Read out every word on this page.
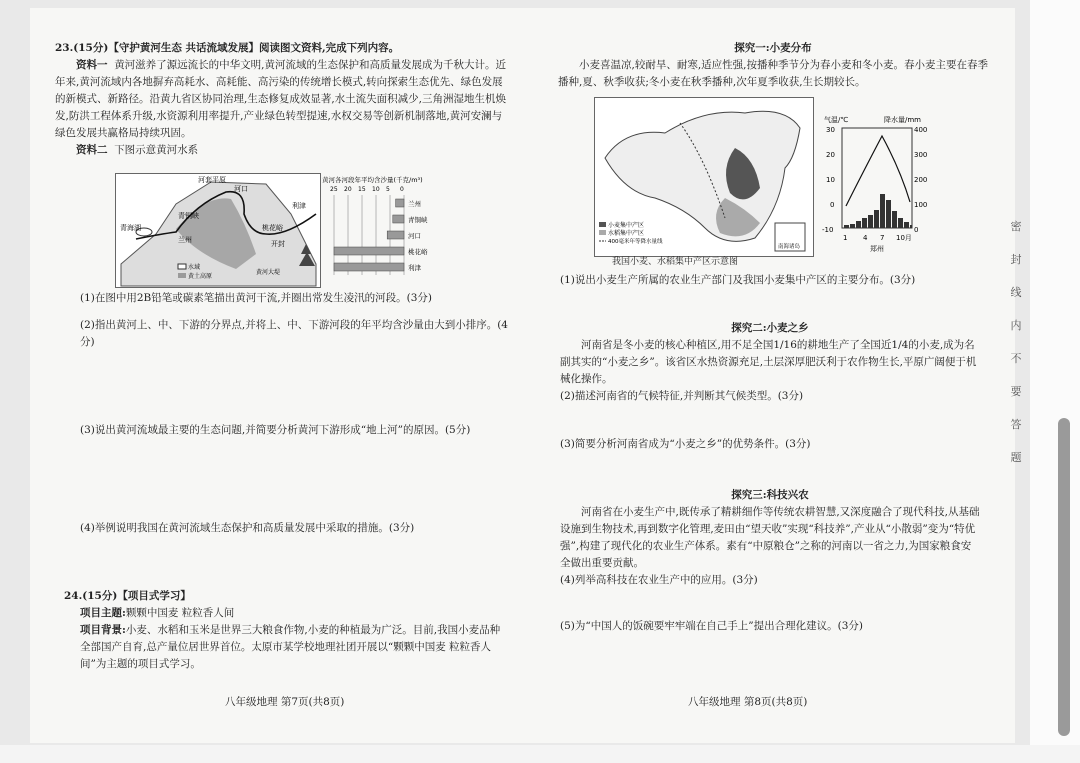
23.(15分)【守护黄河生态 共话流域发展】阅读图文资料,完成下列内容。

资料一 黄河滋养了源远流长的中华文明,黄河流域的生态保护和高质量发展成为千秋大计。近年来,黄河流域内各地摒弃高耗水、高耗能、高污染的传统增长模式,转向探索生态优先、绿色发展的新模式、新路径。沿黄九省区协同治理,生态修复成效显著,水土流失面积减少,三角洲湿地生机焕发,防洪工程体系升级,水资源利用率提升,产业绿色转型提速,水权交易等创新机制落地,黄河安澜与绿色发展共赢格局持续巩固。

资料二 下图示意黄河水系

河套平原
河口
青铜峡
青海湖
兰州
桃花峪
利津
开封
水域
黄土高原
黄河大堤
黄河各河段年平均含沙量(千克/m³)
25 20 15 10 5 0
兰州
青铜峡
河口
桃花峪
利津

(1)在图中用2B铅笔或碳素笔描出黄河干流,并圈出常发生凌汛的河段。(3分)

(2)指出黄河上、中、下游的分界点,并将上、中、下游河段的年平均含沙量由大到小排序。(4分)

(3)说出黄河流域最主要的生态问题,并简要分析黄河下游形成“地上河”的原因。(5分)

(4)举例说明我国在黄河流域生态保护和高质量发展中采取的措施。(3分)

24.(15分)【项目式学习】

项目主题:颗颗中国麦 粒粒香人间

项目背景:小麦、水稻和玉米是世界三大粮食作物,小麦的种植最为广泛。目前,我国小麦品种全部国产自育,总产量位居世界首位。太原市某学校地理社团开展以“颗颗中国麦 粒粒香人间”为主题的项目式学习。

八年级地理 第7页(共8页)

探究一:小麦分布

小麦喜温凉,较耐旱、耐寒,适应性强,按播种季节分为春小麦和冬小麦。春小麦主要在春季播种,夏、秋季收获;冬小麦在秋季播种,次年夏季收获,生长期较长。

小麦集中产区
水稻集中产区
400毫米年等降水量线
南海诸岛

我国小麦、水稻集中产区示意图

气温/℃	降水量/mm
30
20
10
0
-10
400
300
200
100
0
1 4 7 10月
郑州

(1)说出小麦生产所属的农业生产部门及我国小麦集中产区的主要分布。(3分)

探究二:小麦之乡

河南省是冬小麦的核心种植区,用不足全国1/16的耕地生产了全国近1/4的小麦,成为名副其实的“小麦之乡”。该省区水热资源充足,土层深厚肥沃利于农作物生长,平原广阔便于机械化操作。

(2)描述河南省的气候特征,并判断其气候类型。(3分)

(3)简要分析河南省成为“小麦之乡”的优势条件。(3分)

探究三:科技兴农

河南省在小麦生产中,既传承了精耕细作等传统农耕智慧,又深度融合了现代科技,从基础设施到生物技术,再到数字化管理,麦田由“望天收”实现“科技养”,产业从“小散弱”变为“特优强”,构建了现代化的农业生产体系。素有“中原粮仓”之称的河南以一省之力,为国家粮食安全做出重要贡献。

(4)列举高科技在农业生产中的应用。(3分)

(5)为“中国人的饭碗要牢牢端在自己手上”提出合理化建议。(3分)

八年级地理 第8页(共8页)
密
封
线
内
不
要
答
题
